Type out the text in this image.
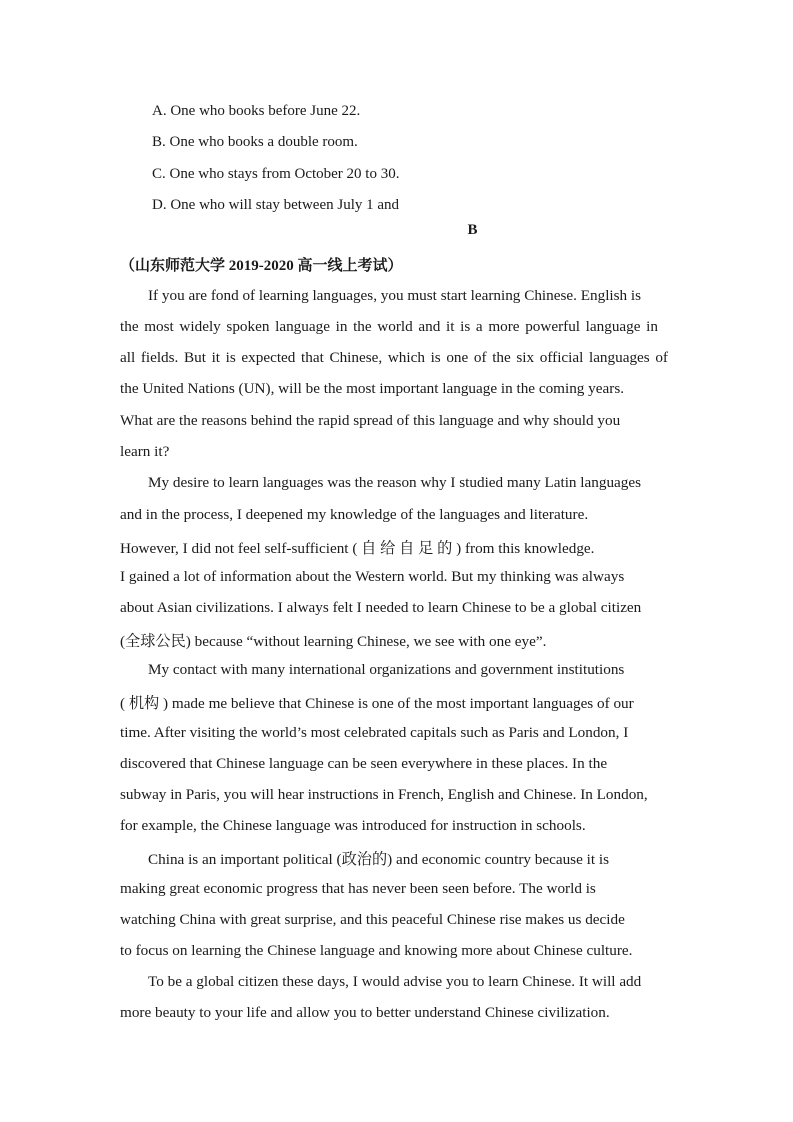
A. One who books before June 22.
B. One who books a double room.
C. One who stays from October 20 to 30.
D. One who will stay between July 1 and
B
（山东师范大学 2019-2020 高一线上考试）
If you are fond of learning languages, you must start learning Chinese. English is
the most widely spoken language in the world and it is a more powerful language in
all fields. But it is expected that Chinese, which is one of the six official languages of
the United Nations (UN), will be the most important language in the coming years.
What are the reasons behind the rapid spread of this language and why should you
learn it?
My desire to learn languages was the reason why I studied many Latin languages
and in the process, I deepened my knowledge of the languages and literature.
However, I did not feel self-sufficient ( 自 给 自 足 的 ) from this knowledge.
I gained a lot of information about the Western world. But my thinking was always
about Asian civilizations. I always felt I needed to learn Chinese to be a global citizen
(全球公民) because “without learning Chinese, we see with one eye”.
My contact with many international organizations and government institutions
( 机构 ) made me believe that Chinese is one of the most important languages of our
time. After visiting the world’s most celebrated capitals such as Paris and London, I
discovered that Chinese language can be seen everywhere in these places. In the
subway in Paris, you will hear instructions in French, English and Chinese. In London,
for example, the Chinese language was introduced for instruction in schools.
China is an important political (政治的) and economic country because it is
making great economic progress that has never been seen before. The world is
watching China with great surprise, and this peaceful Chinese rise makes us decide
to focus on learning the Chinese language and knowing more about Chinese culture.
To be a global citizen these days, I would advise you to learn Chinese. It will add
more beauty to your life and allow you to better understand Chinese civilization.
